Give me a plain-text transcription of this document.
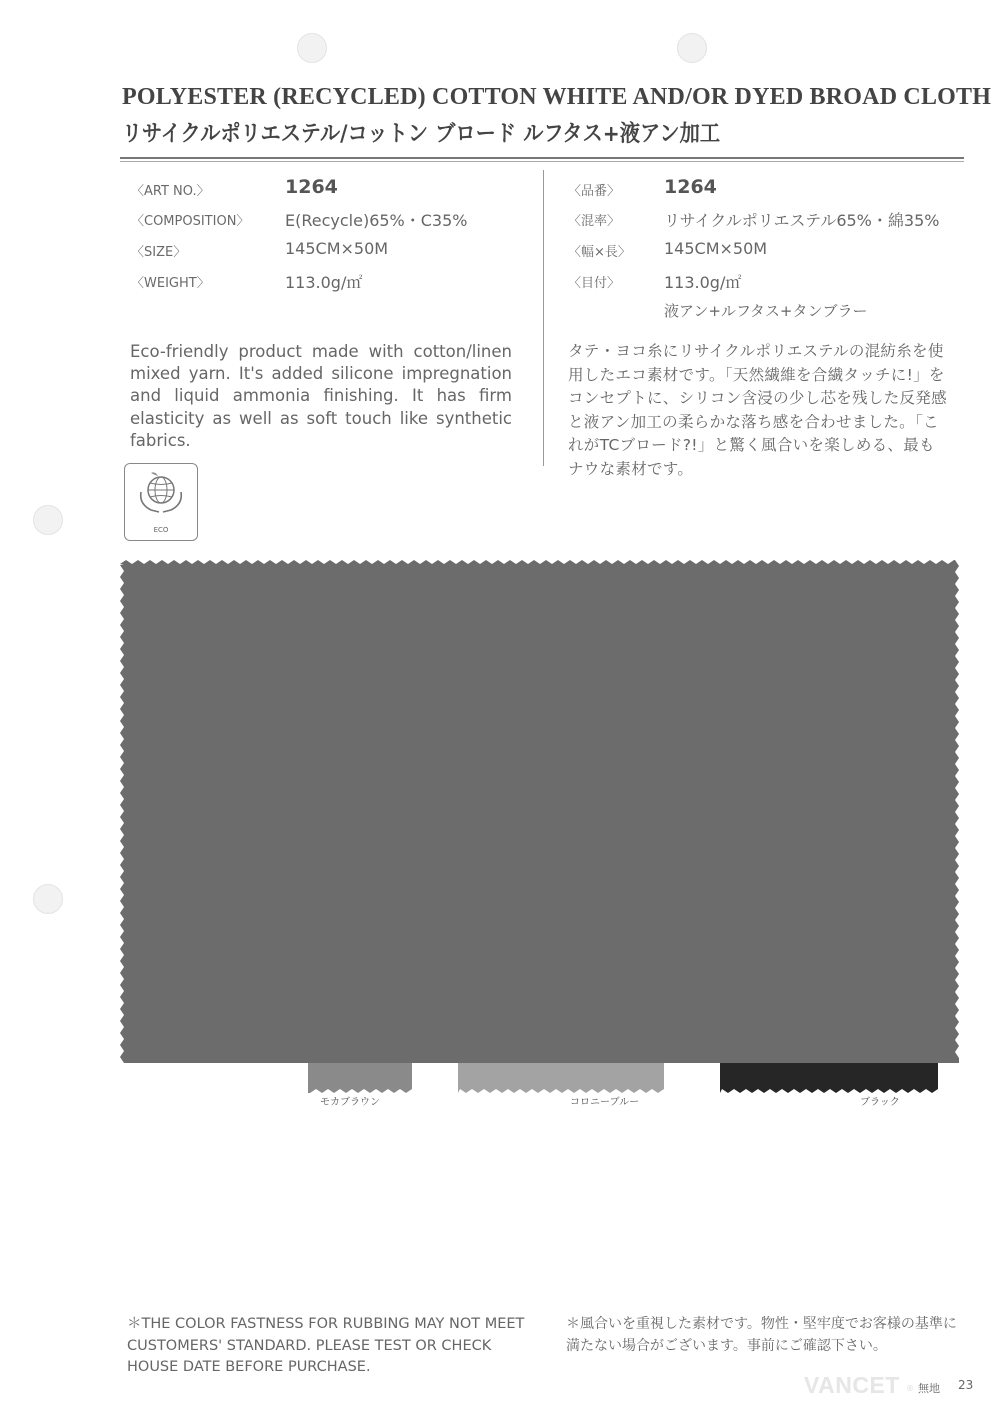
POLYESTER (RECYCLED) COTTON WHITE AND/OR DYED BROAD CLOTH
リサイクルポリエステル/コットン ブロード ルフタス+液アン加工
〈ART NO.〉	1264
〈COMPOSITION〉 E(Recycle)65%・C35%
〈SIZE〉	145CM×50M
〈WEIGHT〉	113.0g/㎡
〈品番〉 1264
〈混率〉	リサイクルポリエステル65%・綿35%
〈幅×長〉 145CM×50M
〈目付〉	113.0g/㎡
液アン+ルフタス+タンブラー

Eco-friendly product made with cotton/linen mixed yarn. It's added silicone impregnation and liquid ammonia finishing. It has firm elasticity as well as soft touch like synthetic fabrics.

タテ・ヨコ糸にリサイクルポリエステルの混紡糸を使用したエコ素材です。「天然繊維を合繊タッチに!」をコンセプトに、シリコン含浸の少し芯を残した反発感と液アン加工の柔らかな落ち感を合わせました。「これがTCブロード?!」と驚く風合いを楽しめる、最も ナウな素材です。

ECO
モカブラウン	コロニーブルー	ブラック

＊THE COLOR FASTNESS FOR RUBBING MAY NOT MEET CUSTOMERS' STANDARD. PLEASE TEST OR CHECK HOUSE DATE BEFORE PURCHASE.

＊風合いを重視した素材です。物性・堅牢度でお客様の基準に満たない場合がございます。事前にご確認下さい。

VANCET ® 無地 23
